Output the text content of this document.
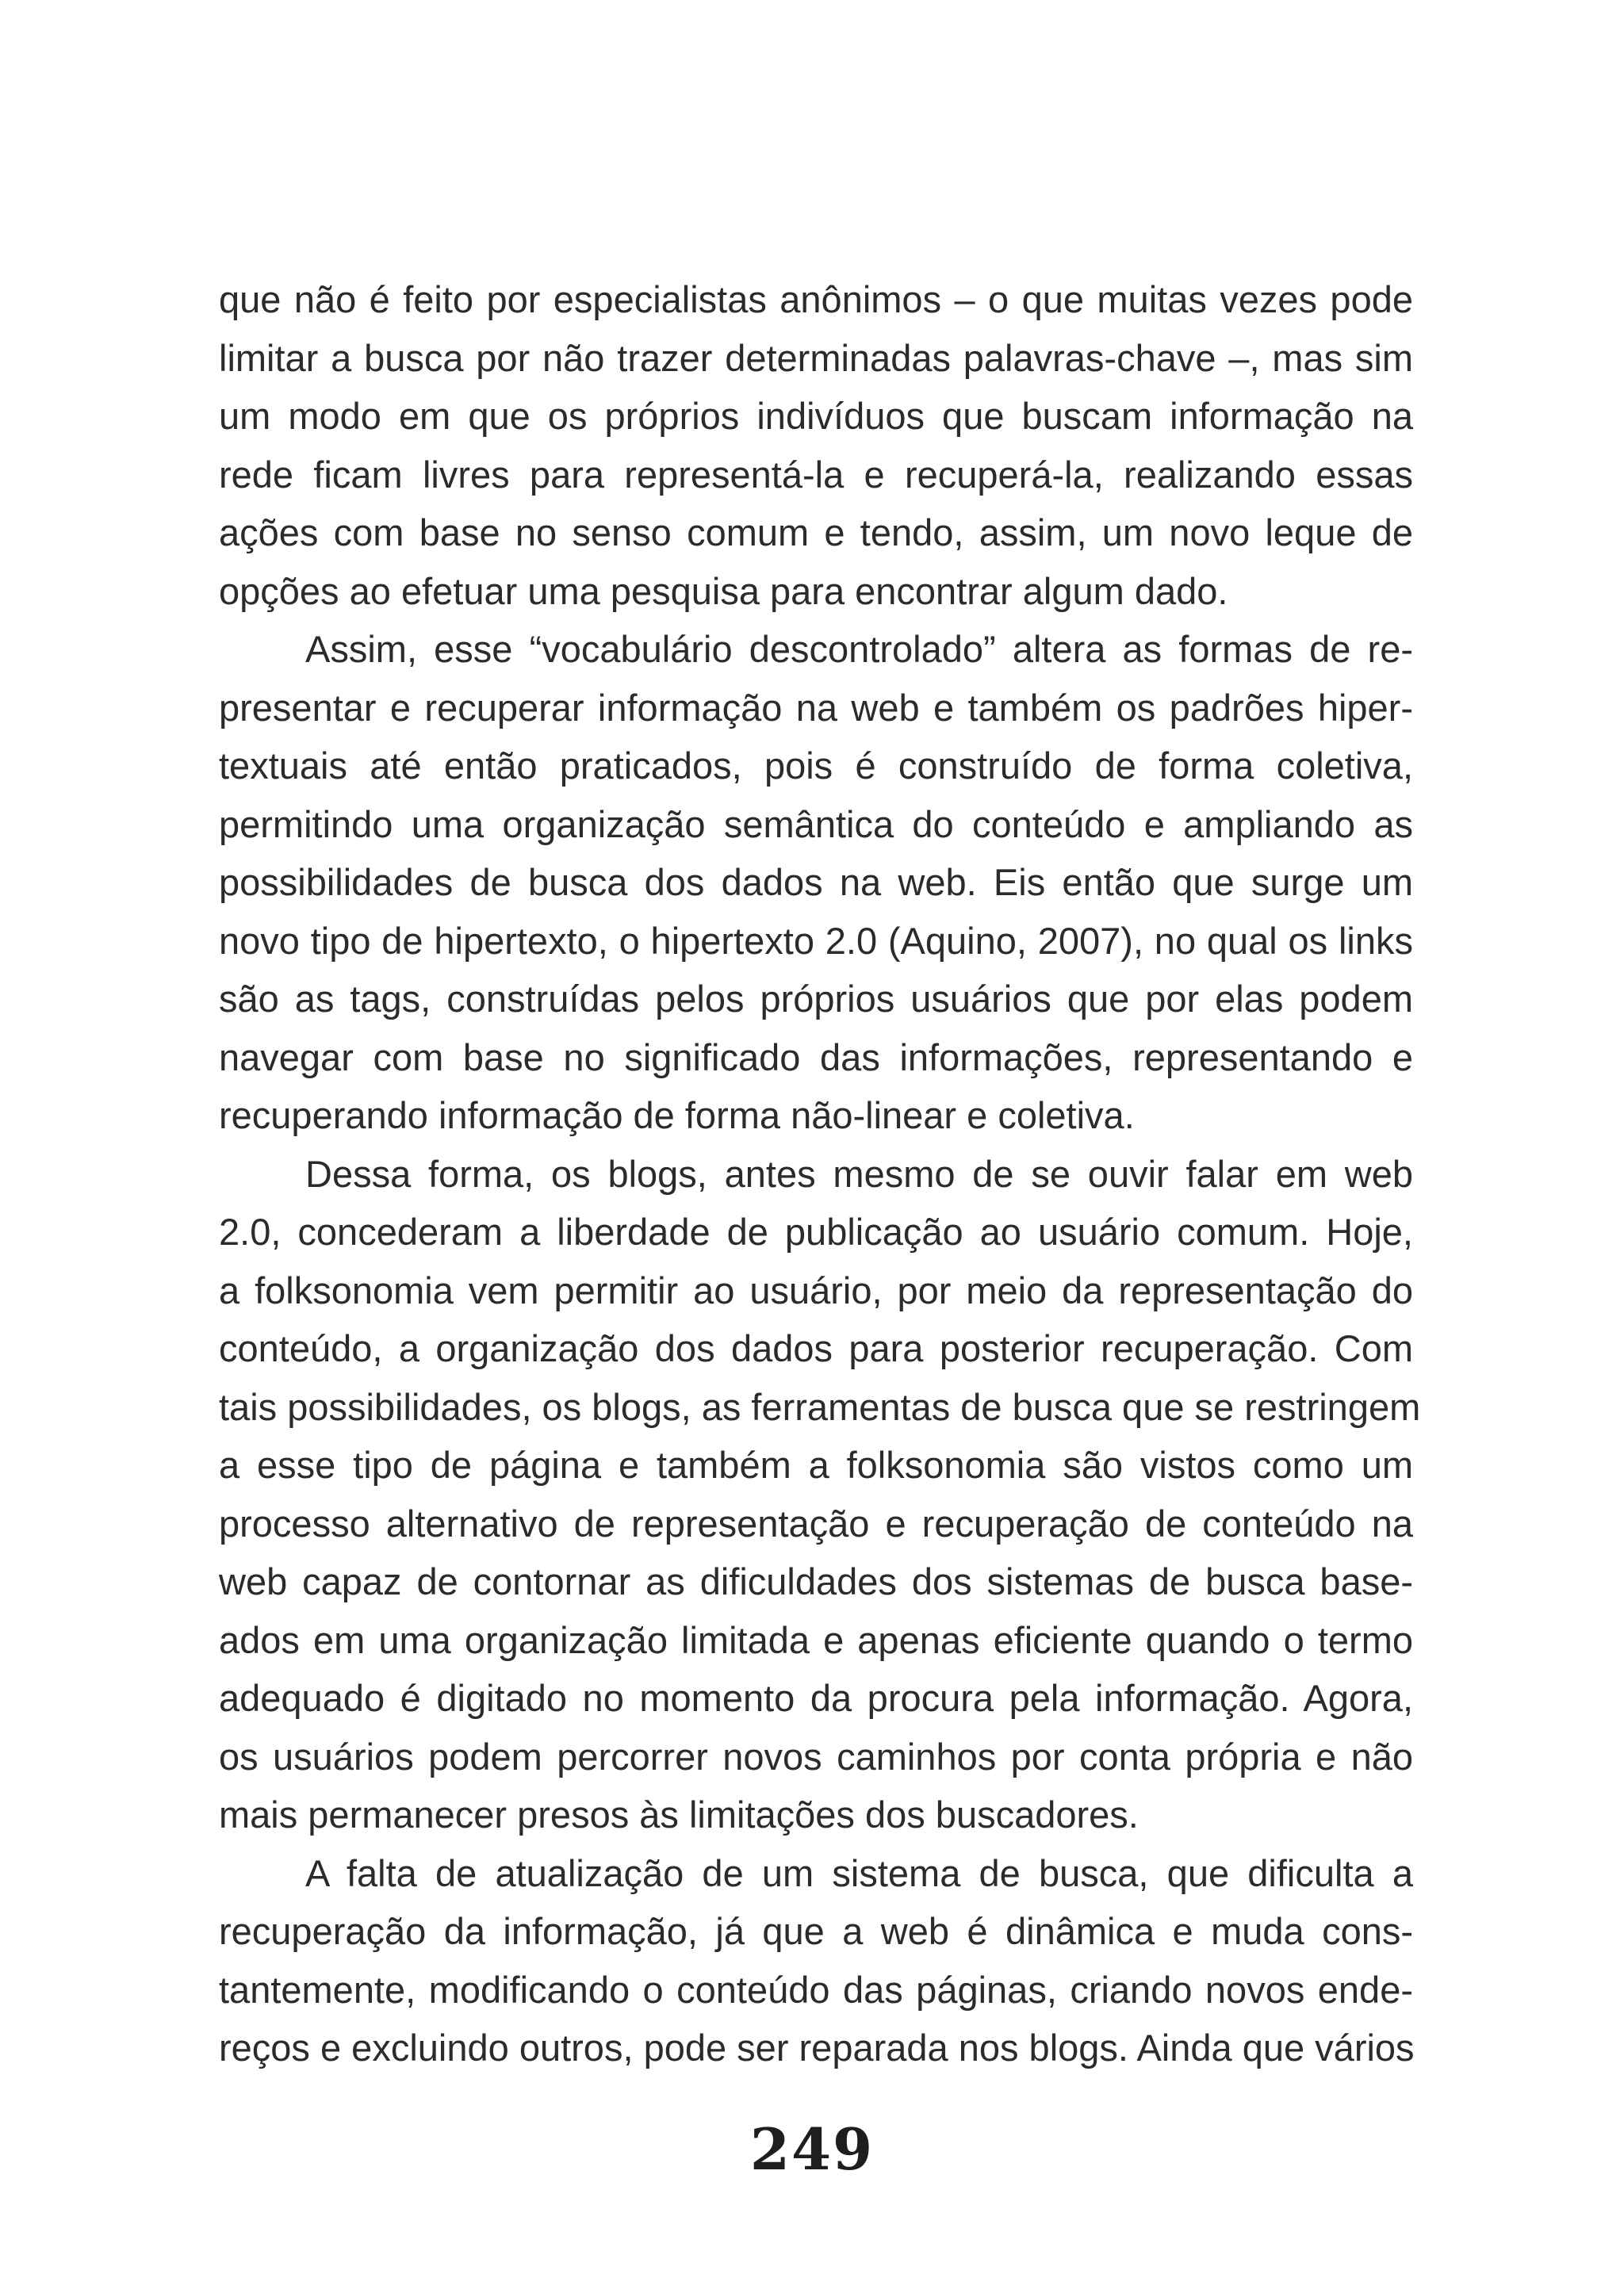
que não é feito por especialistas anônimos – o que muitas vezes pode
limitar a busca por não trazer determinadas palavras-chave –, mas sim
um modo em que os próprios indivíduos que buscam informação na
rede ficam livres para representá-la e recuperá-la, realizando essas
ações com base no senso comum e tendo, assim, um novo leque de
opções ao efetuar uma pesquisa para encontrar algum dado.
Assim, esse “vocabulário descontrolado” altera as formas de re-
presentar e recuperar informação na web e também os padrões hiper-
textuais até então praticados, pois é construído de forma coletiva,
permitindo uma organização semântica do conteúdo e ampliando as
possibilidades de busca dos dados na web. Eis então que surge um
novo tipo de hipertexto, o hipertexto 2.0 (Aquino, 2007), no qual os links
são as tags, construídas pelos próprios usuários que por elas podem
navegar com base no significado das informações, representando e
recuperando informação de forma não-linear e coletiva.
Dessa forma, os blogs, antes mesmo de se ouvir falar em web
2.0, concederam a liberdade de publicação ao usuário comum. Hoje,
a folksonomia vem permitir ao usuário, por meio da representação do
conteúdo, a organização dos dados para posterior recuperação. Com
tais possibilidades, os blogs, as ferramentas de busca que se restringem
a esse tipo de página e também a folksonomia são vistos como um
processo alternativo de representação e recuperação de conteúdo na
web capaz de contornar as dificuldades dos sistemas de busca base-
ados em uma organização limitada e apenas eficiente quando o termo
adequado é digitado no momento da procura pela informação. Agora,
os usuários podem percorrer novos caminhos por conta própria e não
mais permanecer presos às limitações dos buscadores.
A falta de atualização de um sistema de busca, que dificulta a
recuperação da informação, já que a web é dinâmica e muda cons-
tantemente, modificando o conteúdo das páginas, criando novos ende-
reços e excluindo outros, pode ser reparada nos blogs. Ainda que vários
249
